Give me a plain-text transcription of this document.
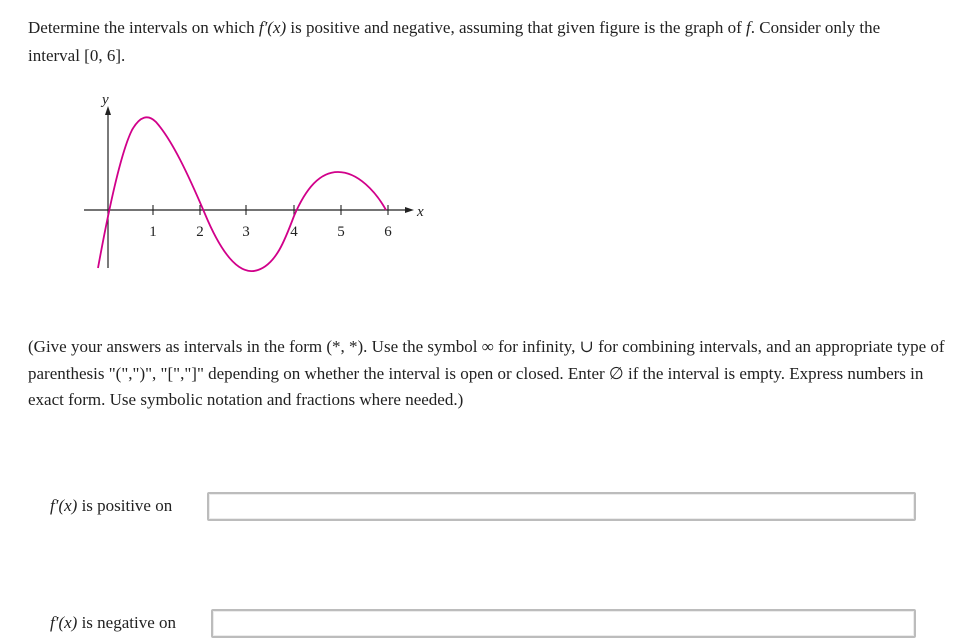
Determine the intervals on which f′(x) is positive and negative, assuming that given figure is the graph of f. Consider only the
interval [0, 6].
y
x
1	2	3	4	5	6
(Give your answers as intervals in the form (*, *). Use the symbol ∞ for infinity, ∪ for combining intervals, and an appropriate type of parenthesis "(",")", "[","]" depending on whether the interval is open or closed. Enter ∅ if the interval is empty. Express numbers in exact form. Use symbolic notation and fractions where needed.)
f′(x) is positive on
f′(x) is negative on
